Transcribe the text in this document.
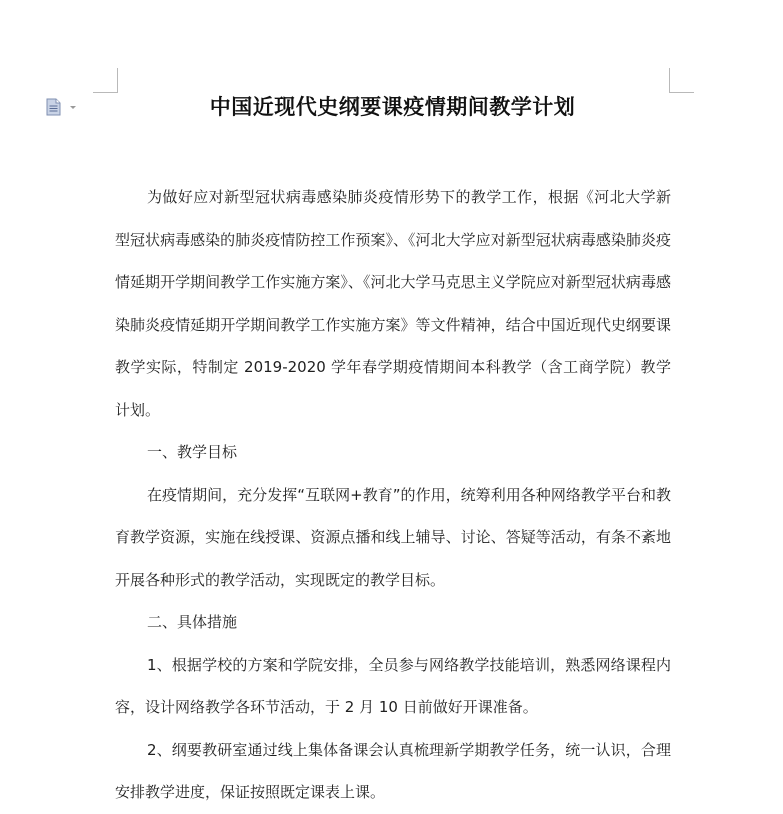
中国近现代史纲要课疫情期间教学计划

为做好应对新型冠状病毒感染肺炎疫情形势下的教学工作，根据《河北大学新型冠状病毒感染的肺炎疫情防控工作预案》、《河北大学应对新型冠状病毒感染肺炎疫情延期开学期间教学工作实施方案》、《河北大学马克思主义学院应对新型冠状病毒感染肺炎疫情延期开学期间教学工作实施方案》等文件精神，结合中国近现代史纲要课教学实际，特制定 2019-2020 学年春学期疫情期间本科教学（含工商学院）教学计划。

一、教学目标

在疫情期间，充分发挥“互联网+教育”的作用，统筹利用各种网络教学平台和教育教学资源，实施在线授课、资源点播和线上辅导、讨论、答疑等活动，有条不紊地开展各种形式的教学活动，实现既定的教学目标。

二、具体措施

1、根据学校的方案和学院安排，全员参与网络教学技能培训，熟悉网络课程内容，设计网络教学各环节活动，于 2 月 10 日前做好开课准备。

2、纲要教研室通过线上集体备课会认真梳理新学期教学任务，统一认识，合理安排教学进度，保证按照既定课表上课。
